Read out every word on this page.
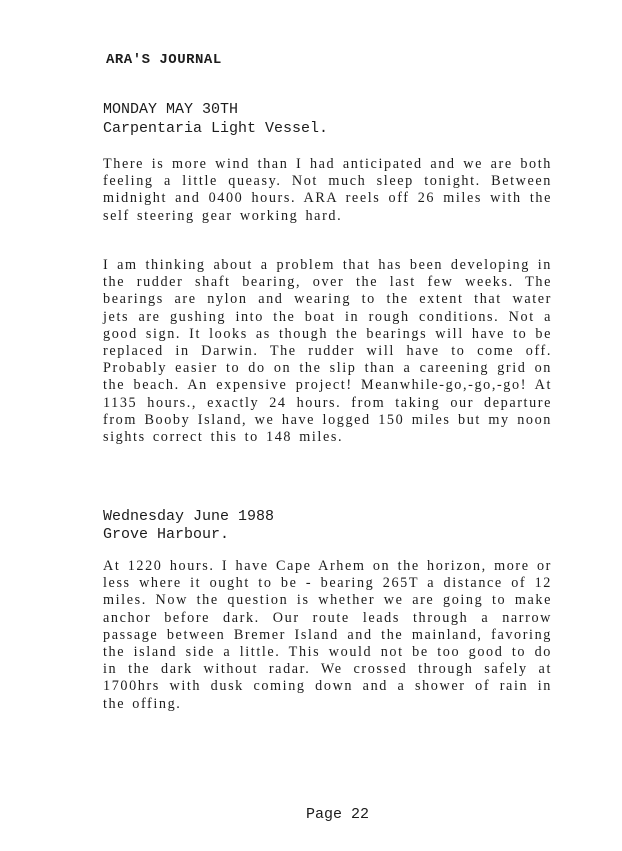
ARA'S JOURNAL
MONDAY MAY 30TH
Carpentaria Light Vessel.

There is more wind than I had anticipated and we are both feeling a little queasy. Not much sleep tonight. Between midnight and 0400 hours. ARA reels off 26 miles with the self steering gear working hard.

I am thinking about a problem that has been developing in the rudder shaft bearing, over the last few weeks. The bearings are nylon and wearing to the extent that water jets are gushing into the boat in rough conditions. Not a good sign. It looks as though the bearings will have to be replaced in Darwin. The rudder will have to come off. Probably easier to do on the slip than a careening grid on the beach. An expensive project! Meanwhile-go,-go,-go! At 1135 hours., exactly 24 hours. from taking our departure from Booby Island, we have logged 150 miles but my noon sights correct this to 148 miles.

Wednesday June 1988
Grove Harbour.

At 1220 hours. I have Cape Arhem on the horizon, more or less where it ought to be - bearing 265T a distance of 12 miles. Now the question is whether we are going to make anchor before dark. Our route leads through a narrow passage between Bremer Island and the mainland, favoring the island side a little. This would not be too good to do in the dark without radar. We crossed through safely at 1700hrs with dusk coming down and a shower of rain in the offing.

Page 22
